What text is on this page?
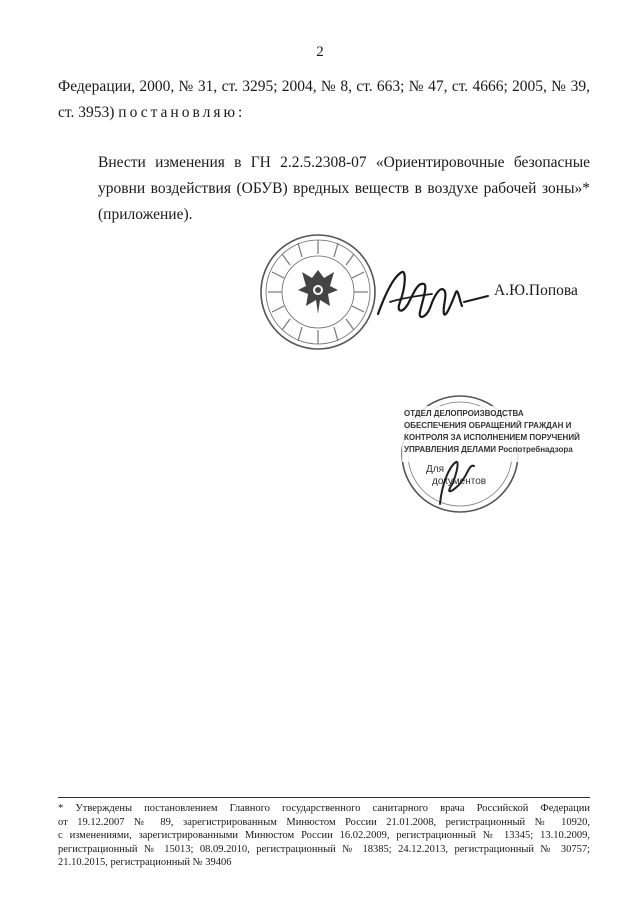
2
Федерации, 2000, № 31, ст. 3295; 2004, № 8, ст. 663; № 47, ст. 4666; 2005, № 39,
ст. 3953) постановляю:
Внести изменения в ГН 2.2.5.2308-07 «Ориентировочные безопасные
уровни воздействия (ОБУВ) вредных веществ в воздухе рабочей зоны»*
(приложение).
А.Ю.Попова
ОТДЕЛ ДЕЛОПРОИЗВОДСТВА
ОБЕСПЕЧЕНИЯ ОБРАЩЕНИЙ ГРАЖДАН И
КОНТРОЛЯ ЗА ИСПОЛНЕНИЕМ ПОРУЧЕНИЙ
УПРАВЛЕНИЯ ДЕЛАМИ Роспотребнадзора
Для
документов
* Утверждены постановлением Главного государственного санитарного врача Российской Федерации
от 19.12.2007 № 89, зарегистрированным Минюстом России 21.01.2008, регистрационный № 10920,
с изменениями, зарегистрированными Минюстом России 16.02.2009, регистрационный № 13345; 13.10.2009,
регистрационный № 15013; 08.09.2010, регистрационный № 18385; 24.12.2013, регистрационный № 30757;
21.10.2015, регистрационный № 39406
